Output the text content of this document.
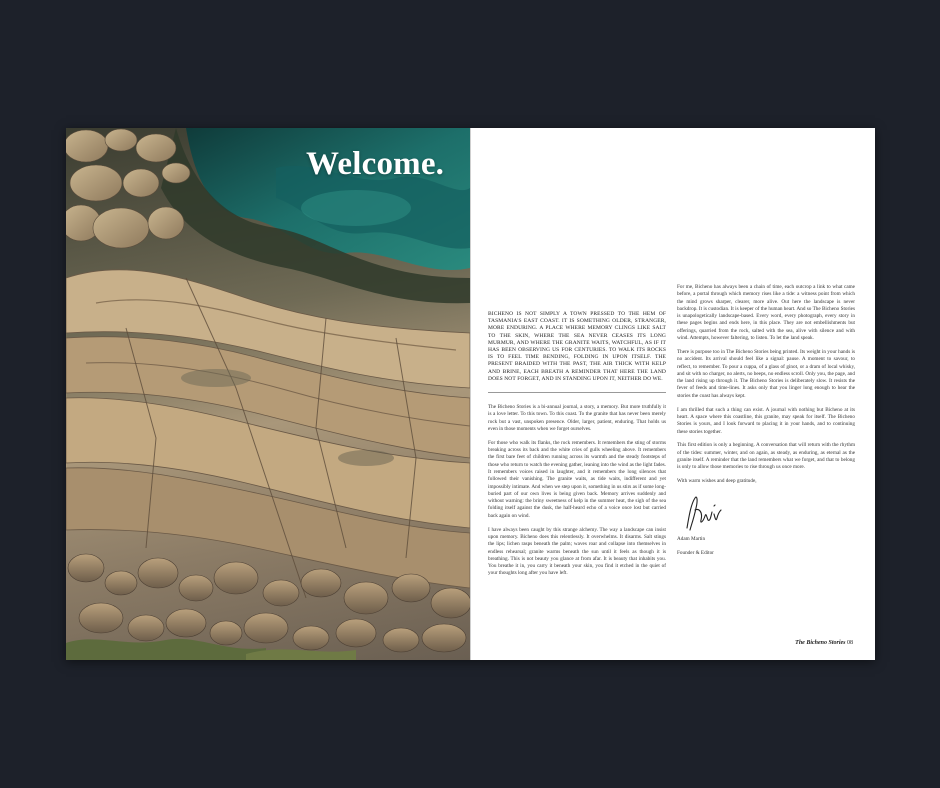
Welcome.

BICHENO IS NOT SIMPLY A TOWN PRESSED TO THE HEM OF TASMANIA'S EAST COAST. IT IS SOMETHING OLDER, STRANGER, MORE ENDURING. A PLACE WHERE MEMORY CLINGS LIKE SALT TO THE SKIN, WHERE THE SEA NEVER CEASES ITS LONG MURMUR, AND WHERE THE GRANITE WAITS, WATCHFUL, AS IF IT HAS BEEN OBSERVING US FOR CENTURIES. TO WALK ITS ROCKS IS TO FEEL TIME BENDING, FOLDING IN UPON ITSELF. THE PRESENT BRAIDED WITH THE PAST, THE AIR THICK WITH KELP AND BRINE, EACH BREATH A REMINDER THAT HERE THE LAND DOES NOT FORGET, AND IN STANDING UPON IT, NEITHER DO WE.

The Bicheno Stories is a bi-annual journal, a story, a memory. But more truthfully it is a love letter. To this town. To this coast. To the granite that has never been merely rock but a vast, unspoken presence. Older, larger, patient, enduring. That holds us even in those moments when we forget ourselves.

For those who walk its flanks, the rock remembers. It remembers the sting of storms breaking across its back and the white cries of gulls wheeling above. It remembers the first bare feet of children running across its warmth and the steady footsteps of those who return to watch the evening gather, leaning into the wind as the light fades. It remembers voices raised in laughter, and it remembers the long silences that followed their vanishing. The granite waits, as tide waits, indifferent and yet impossibly intimate. And when we step upon it, something in us stirs as if some long-buried part of our own lives is being given back. Memory arrives suddenly and without warning: the briny sweetness of kelp in the summer heat, the sigh of the sea folding itself against the dusk, the half-heard echo of a voice once lost but carried back again on wind.

I have always been caught by this strange alchemy. The way a landscape can insist upon memory. Bicheno does this relentlessly. It overwhelms. It disarms. Salt stings the lips; lichen rasps beneath the palm; waves roar and collapse into themselves in endless rehearsal; granite warms beneath the sun until it feels as though it is breathing. This is not beauty you glance at from afar. It is beauty that inhabits you. You breathe it in, you carry it beneath your skin, you find it etched in the quiet of your thoughts long after you have left.

For me, Bicheno has always been a chain of time, each outcrop a link to what came before, a portal through which memory rises like a tide: a witness point from which the mind grows sharper, clearer, more alive. Out here the landscape is never backdrop. It is custodian. It is keeper of the human heart. And so The Bicheno Stories is unapologetically landscape-based. Every word, every photograph, every story in these pages begins and ends here, in this place. They are not embellishments but offerings, quarried from the rock, salted with the sea, alive with silence and with wind. Attempts, however faltering, to listen. To let the land speak.

There is purpose too in The Bicheno Stories being printed. Its weight in your hands is no accident. Its arrival should feel like a signal: pause. A moment to savour, to reflect, to remember. To pour a cuppa, of a glass of ginot, or a dram of local whisky, and sit with no charger, no alerts, no beeps, no endless scroll. Only you, the page, and the land rising up through it. The Bicheno Stories is deliberately slow. It resists the fever of feeds and time-lines. It asks only that you linger long enough to hear the stories the coast has always kept.

I am thrilled that such a thing can exist. A journal with nothing but Bicheno at its heart. A space where this coastline, this granite, may speak for itself. The Bicheno Stories is yours, and I look forward to placing it in your hands, and to continuing these stories together.

This first edition is only a beginning. A conversation that will return with the rhythm of the tides: summer, winter, and on again, as steady, as enduring, as eternal as the granite itself. A reminder that the land remembers what we forget, and that to belong is only to allow those memories to rise through us once more.

With warm wishes and deep gratitude,

Adam Martin

Founder & Editor

The Bicheno Stories 08
